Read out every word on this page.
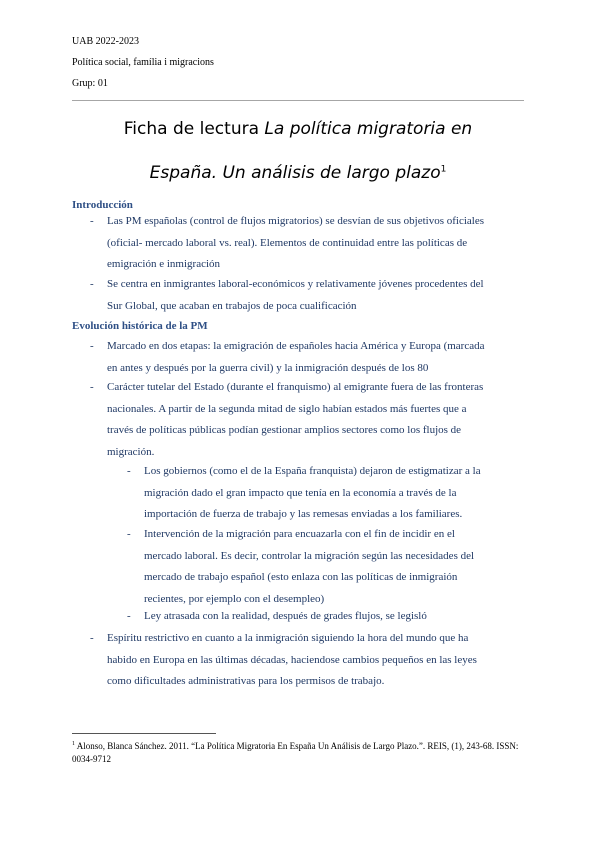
UAB 2022-2023
Política social, família i migracions
Grup: 01
Ficha de lectura La política migratoria en
España. Un análisis de largo plazo$^1$
Introducción
- Las PM españolas (control de flujos migratorios) se desvían de sus objetivos oficiales
(oficial- mercado laboral vs. real). Elementos de continuidad entre las políticas de
emigración e inmigración
- Se centra en inmigrantes laboral-económicos y relativamente jóvenes procedentes del
Sur Global, que acaban en trabajos de poca cualificación
Evolución histórica de la PM
- Marcado en dos etapas: la emigración de españoles hacia América y Europa (marcada
en antes y después por la guerra civil) y la inmigración después de los 80
- Carácter tutelar del Estado (durante el franquismo) al emigrante fuera de las fronteras
nacionales. A partir de la segunda mitad de siglo habían estados más fuertes que a
través de políticas públicas podían gestionar amplios sectores como los flujos de
migración.
- Los gobiernos (como el de la España franquista) dejaron de estigmatizar a la
migración dado el gran impacto que tenía en la economía a través de la
importación de fuerza de trabajo y las remesas enviadas a los familiares.
- Intervención de la migración para encuazarla con el fin de incidir en el
mercado laboral. Es decir, controlar la migración según las necesidades del
mercado de trabajo español (esto enlaza con las políticas de inmigraión
recientes, por ejemplo con el desempleo)
- Ley atrasada con la realidad, después de grades flujos, se legisló
- Espíritu restrictivo en cuanto a la inmigración siguiendo la hora del mundo que ha
habido en Europa en las últimas décadas, haciendose cambios pequeños en las leyes
como dificultades administrativas para los permisos de trabajo.
$^1$ Alonso, Blanca Sánchez. 2011. “La Política Migratoria En España Un Análisis de Largo Plazo.”. REIS, (1), 243-68. ISSN: 0034-9712
